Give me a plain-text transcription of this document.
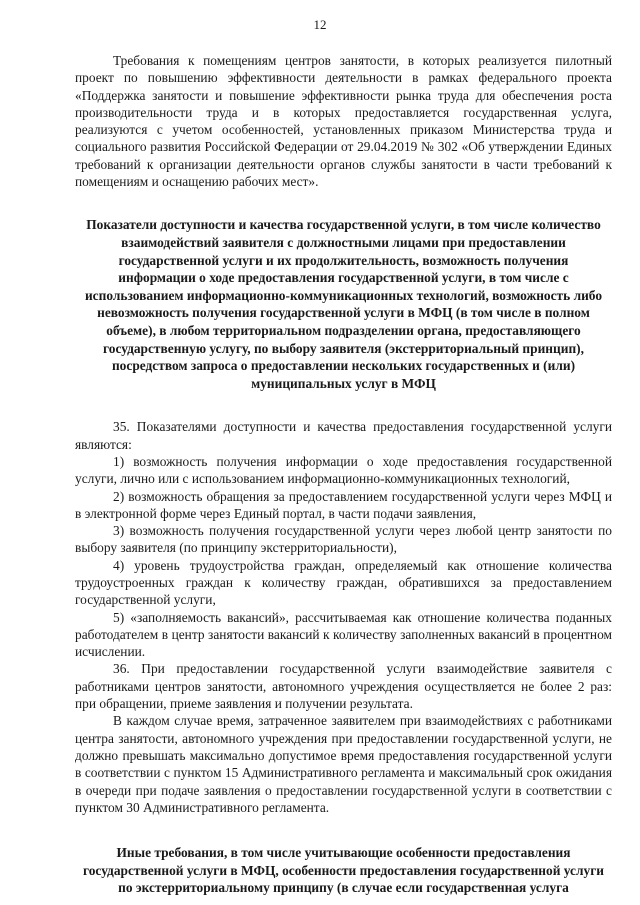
12

Требования к помещениям центров занятости, в которых реализуется пилотный проект по повышению эффективности деятельности в рамках федерального проекта «Поддержка занятости и повышение эффективности рынка труда для обеспечения роста производительности труда и в которых предоставляется государственная услуга, реализуются с учетом особенностей, установленных приказом Министерства труда и социального развития Российской Федерации от 29.04.2019 № 302 «Об утверждении Единых требований к организации деятельности органов службы занятости в части требований к помещениям и оснащению рабочих мест».

Показатели доступности и качества государственной услуги, в том числе количество взаимодействий заявителя с должностными лицами при предоставлении государственной услуги и их продолжительность, возможность получения информации о ходе предоставления государственной услуги, в том числе с использованием информационно-коммуникационных технологий, возможность либо невозможность получения государственной услуги в МФЦ (в том числе в полном объеме), в любом территориальном подразделении органа, предоставляющего государственную услугу, по выбору заявителя (экстерриториальный принцип), посредством запроса о предоставлении нескольких государственных и (или) муниципальных услуг в МФЦ

35. Показателями доступности и качества предоставления государственной услуги являются:

1) возможность получения информации о ходе предоставления государственной услуги, лично или с использованием информационно-коммуникационных технологий,

2) возможность обращения за предоставлением государственной услуги через МФЦ и в электронной форме через Единый портал, в части подачи заявления,

3) возможность получения государственной услуги через любой центр занятости по выбору заявителя (по принципу экстерриториальности),

4) уровень трудоустройства граждан, определяемый как отношение количества трудоустроенных граждан к количеству граждан, обратившихся за предоставлением государственной услуги,

5) «заполняемость вакансий», рассчитываемая как отношение количества поданных работодателем в центр занятости вакансий к количеству заполненных вакансий в процентном исчислении.

36. При предоставлении государственной услуги взаимодействие заявителя с работниками центров занятости, автономного учреждения осуществляется не более 2 раз: при обращении, приеме заявления и получении результата.

В каждом случае время, затраченное заявителем при взаимодействиях с работниками центра занятости, автономного учреждения при предоставлении государственной услуги, не должно превышать максимально допустимое время предоставления государственной услуги в соответствии с пунктом 15 Административного регламента и максимальный срок ожидания в очереди при подаче заявления о предоставлении государственной услуги в соответствии с пунктом 30 Административного регламента.

Иные требования, в том числе учитывающие особенности предоставления государственной услуги в МФЦ, особенности предоставления государственной услуги по экстерриториальному принципу (в случае если государственная услуга
